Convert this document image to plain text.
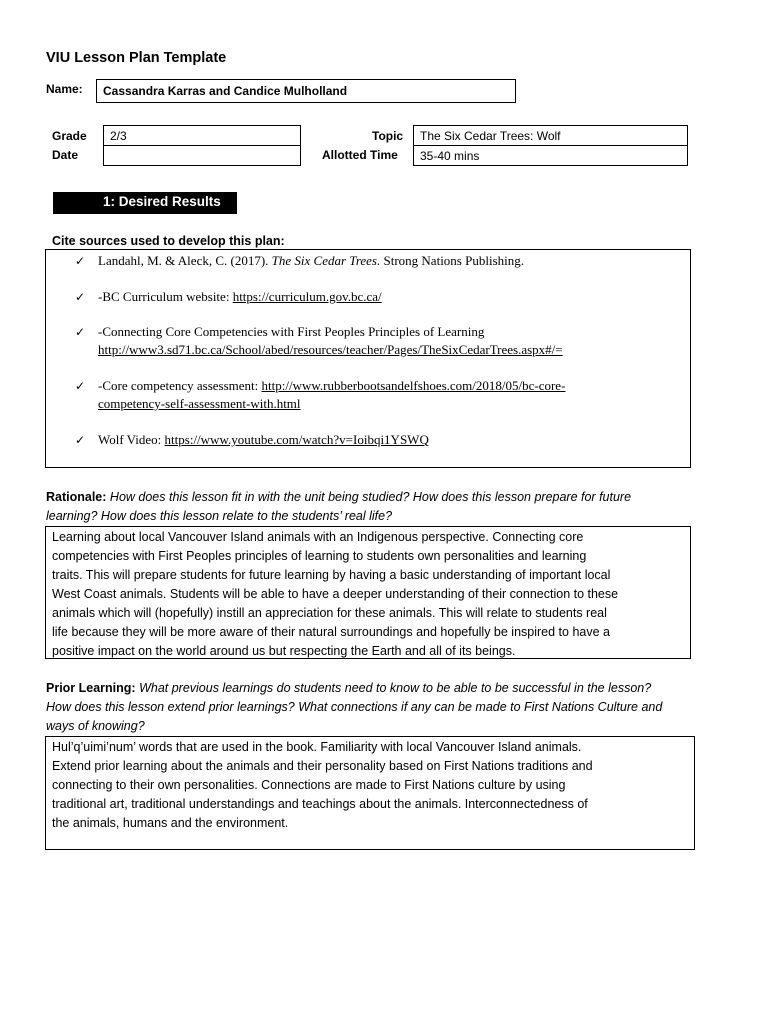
VIU Lesson Plan Template
Name:	Cassandra Karras and Candice Mulholland
Grade
Date
2/3	Topic
Allotted Time
The Six Cedar Trees: Wolf
35-40 mins
1: Desired Results
Cite sources used to develop this plan:
✓ Landahl, M. & Aleck, C. (2017). The Six Cedar Trees. Strong Nations Publishing.
✓ -BC Curriculum website: https://curriculum.gov.bc.ca/
✓ -Connecting Core Competencies with First Peoples Principles of Learning
http://www3.sd71.bc.ca/School/abed/resources/teacher/Pages/TheSixCedarTrees.aspx#/=
✓ -Core competency assessment: http://www.rubberbootsandelfshoes.com/2018/05/bc-core-
competency-self-assessment-with.html
✓ Wolf Video: https://www.youtube.com/watch?v=Ioibqi1YSWQ
Rationale: How does this lesson fit in with the unit being studied? How does this lesson prepare for future
learning? How does this lesson relate to the students’ real life?
Learning about local Vancouver Island animals with an Indigenous perspective. Connecting core
competencies with First Peoples principles of learning to students own personalities and learning
traits. This will prepare students for future learning by having a basic understanding of important local
West Coast animals. Students will be able to have a deeper understanding of their connection to these
animals which will (hopefully) instill an appreciation for these animals. This will relate to students real
life because they will be more aware of their natural surroundings and hopefully be inspired to have a
positive impact on the world around us but respecting the Earth and all of its beings.
Prior Learning: What previous learnings do students need to know to be able to be successful in the lesson?
How does this lesson extend prior learnings? What connections if any can be made to First Nations Culture and
ways of knowing?
Hul’q’uimi’num’ words that are used in the book. Familiarity with local Vancouver Island animals.
Extend prior learning about the animals and their personality based on First Nations traditions and
connecting to their own personalities. Connections are made to First Nations culture by using
traditional art, traditional understandings and teachings about the animals. Interconnectedness of
the animals, humans and the environment.
